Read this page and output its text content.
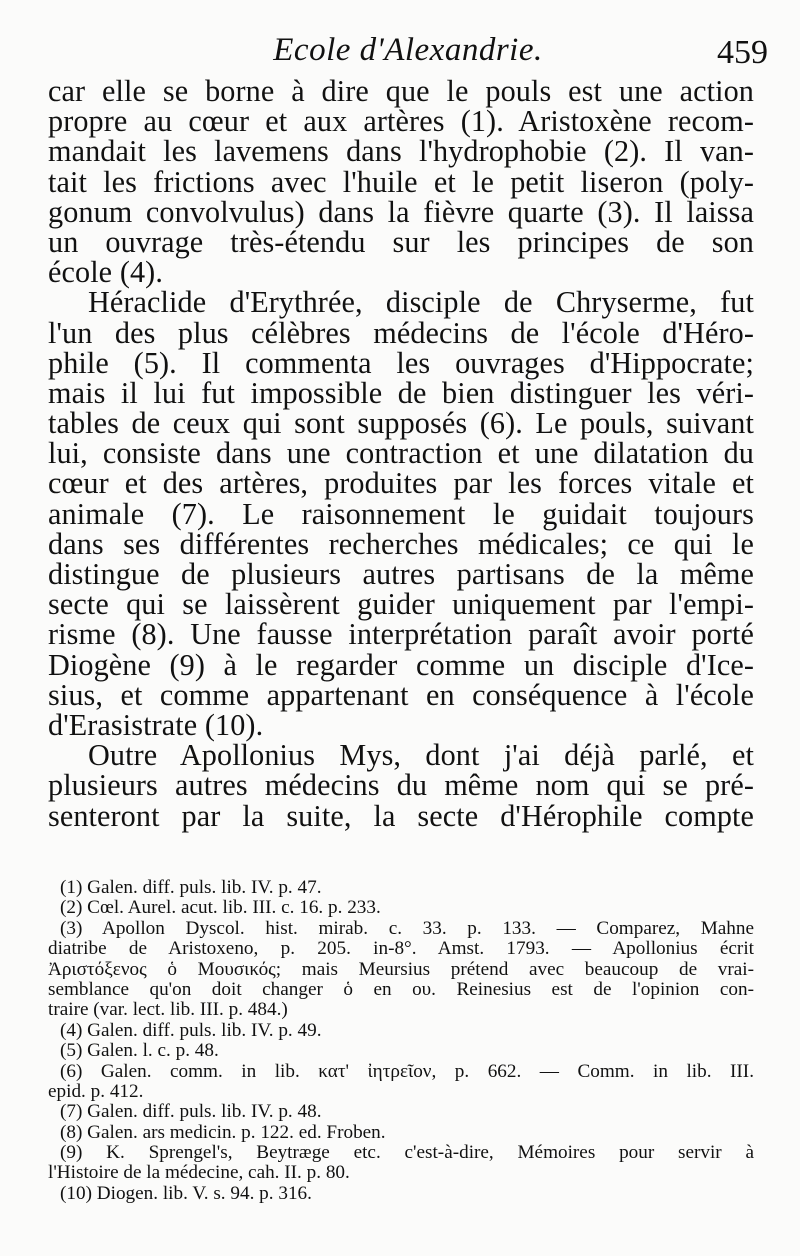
Ecole d'Alexandrie.	459
car elle se borne à dire que le pouls est une action
propre au cœur et aux artères (1). Aristoxène recom-
mandait les lavemens dans l'hydrophobie (2). Il van-
tait les frictions avec l'huile et le petit liseron (poly-
gonum convolvulus) dans la fièvre quarte (3). Il laissa
un ouvrage très-étendu sur les principes de son
école (4).
Héraclide d'Erythrée, disciple de Chryserme, fut
l'un des plus célèbres médecins de l'école d'Héro-
phile (5). Il commenta les ouvrages d'Hippocrate;
mais il lui fut impossible de bien distinguer les véri-
tables de ceux qui sont supposés (6). Le pouls, suivant
lui, consiste dans une contraction et une dilatation du
cœur et des artères, produites par les forces vitale et
animale (7). Le raisonnement le guidait toujours
dans ses différentes recherches médicales; ce qui le
distingue de plusieurs autres partisans de la même
secte qui se laissèrent guider uniquement par l'empi-
risme (8). Une fausse interprétation paraît avoir porté
Diogène (9) à le regarder comme un disciple d'Ice-
sius, et comme appartenant en conséquence à l'école
d'Erasistrate (10).
Outre Apollonius Mys, dont j'ai déjà parlé, et
plusieurs autres médecins du même nom qui se pré-
senteront par la suite, la secte d'Hérophile compte
(1) Galen. diff. puls. lib. IV. p. 47.
(2) Cœl. Aurel. acut. lib. III. c. 16. p. 233.
(3) Apollon Dyscol. hist. mirab. c. 33. p. 133. — Comparez, Mahne
diatribe de Aristoxeno, p. 205. in-8°. Amst. 1793. — Apollonius écrit
Ἀριστόξενος ὁ Μουσικός; mais Meursius prétend avec beaucoup de vrai-
semblance qu'on doit changer ὁ en ου. Reinesius est de l'opinion con-
traire (var. lect. lib. III. p. 484.)
(4) Galen. diff. puls. lib. IV. p. 49.
(5) Galen. l. c. p. 48.
(6) Galen. comm. in lib. κατ' ἰητρεῖον, p. 662. — Comm. in lib. III.
epid. p. 412.
(7) Galen. diff. puls. lib. IV. p. 48.
(8) Galen. ars medicin. p. 122. ed. Froben.
(9) K. Sprengel's, Beytræge etc. c'est-à-dire, Mémoires pour servir à
l'Histoire de la médecine, cah. II. p. 80.
(10) Diogen. lib. V. s. 94. p. 316.
